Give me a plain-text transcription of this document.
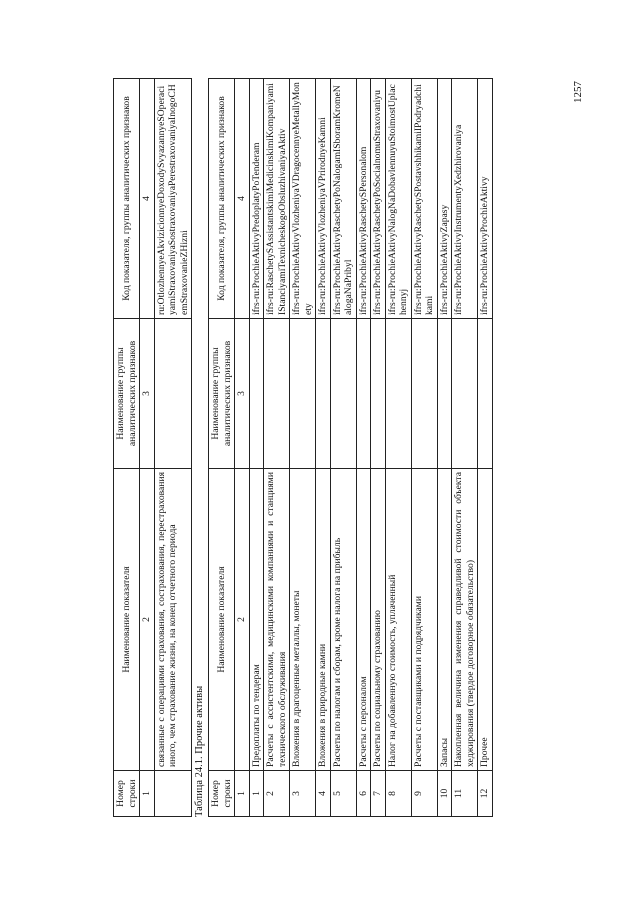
1257
Номер строки	Наименование показателя	Наименование группы аналитических признаков	Код показателя, группы аналитических признаков
1	2	3	4
	связанные с операциями страхования, сострахования, перестрахования иного, чем страхование жизни, на конец отчетного периода		ru:OtlozhennyeAkvizicionnyeDoxodySvyazannyeSOperaciyamiStraxovaniyaSostraxovaniyaPerestraxovaniyaInogoCHemStraxovanieZHizni
Таблица 24.1. Прочие активы Номер строки	Наименование показателя	Наименование группы аналитических признаков	Код показателя, группы аналитических признаков
1	2	3	4
1	Предоплаты по тендерам		ifrs-ru:ProchieAktivyPredoplatyPoTenderam
2	Расчеты с ассистентскими, медицинскими компаниями и станциями технического обслуживания		ifrs-ru:RaschetySAssistantskimiMedicinskimiKompaniyamiIStanciyamiTexnicheskogoObsluzhivaniyaAktiv
3	Вложения в драгоценные металлы, монеты		ifrs-ru:ProchieAktivyVlozheniyaVDragocennyeMetallyMonety
4	Вложения в природные камни		ifrs-ru:ProchieAktivyVlozheniyaVPrirodnyeKamni
5	Расчеты по налогам и сборам, кроме налога на прибыль		ifrs-ru:ProchieAktivyRaschetyPoNalogamISboramKromeNalogaNaPribyl
6	Расчеты с персоналом		ifrs-ru:ProchieAktivyRaschetySPersonalom
7	Расчеты по социальному страхованию		ifrs-ru:ProchieAktivyRaschetyPoSocialnomuStraxovaniyu
8	Налог на добавленную стоимость, уплаченный		ifrs-ru:ProchieAktivyNalogNaDobavlennuyuStoimostUplachennyj
9	Расчеты с поставщиками и подрядчиками		ifrs-ru:ProchieAktivyRaschetySPostavshhikamiIPodryadchikami
10	Запасы		ifrs-ru:ProchieAktivyZapasy
11	Накопленная величина изменения справедливой стоимости объекта хеджирования (твердое договорное обязательство)		ifrs-ru:ProchieAktivyInstrumentyXedzhirovaniya
12	Прочее		ifrs-ru:ProchieAktivyProchieAktivy
